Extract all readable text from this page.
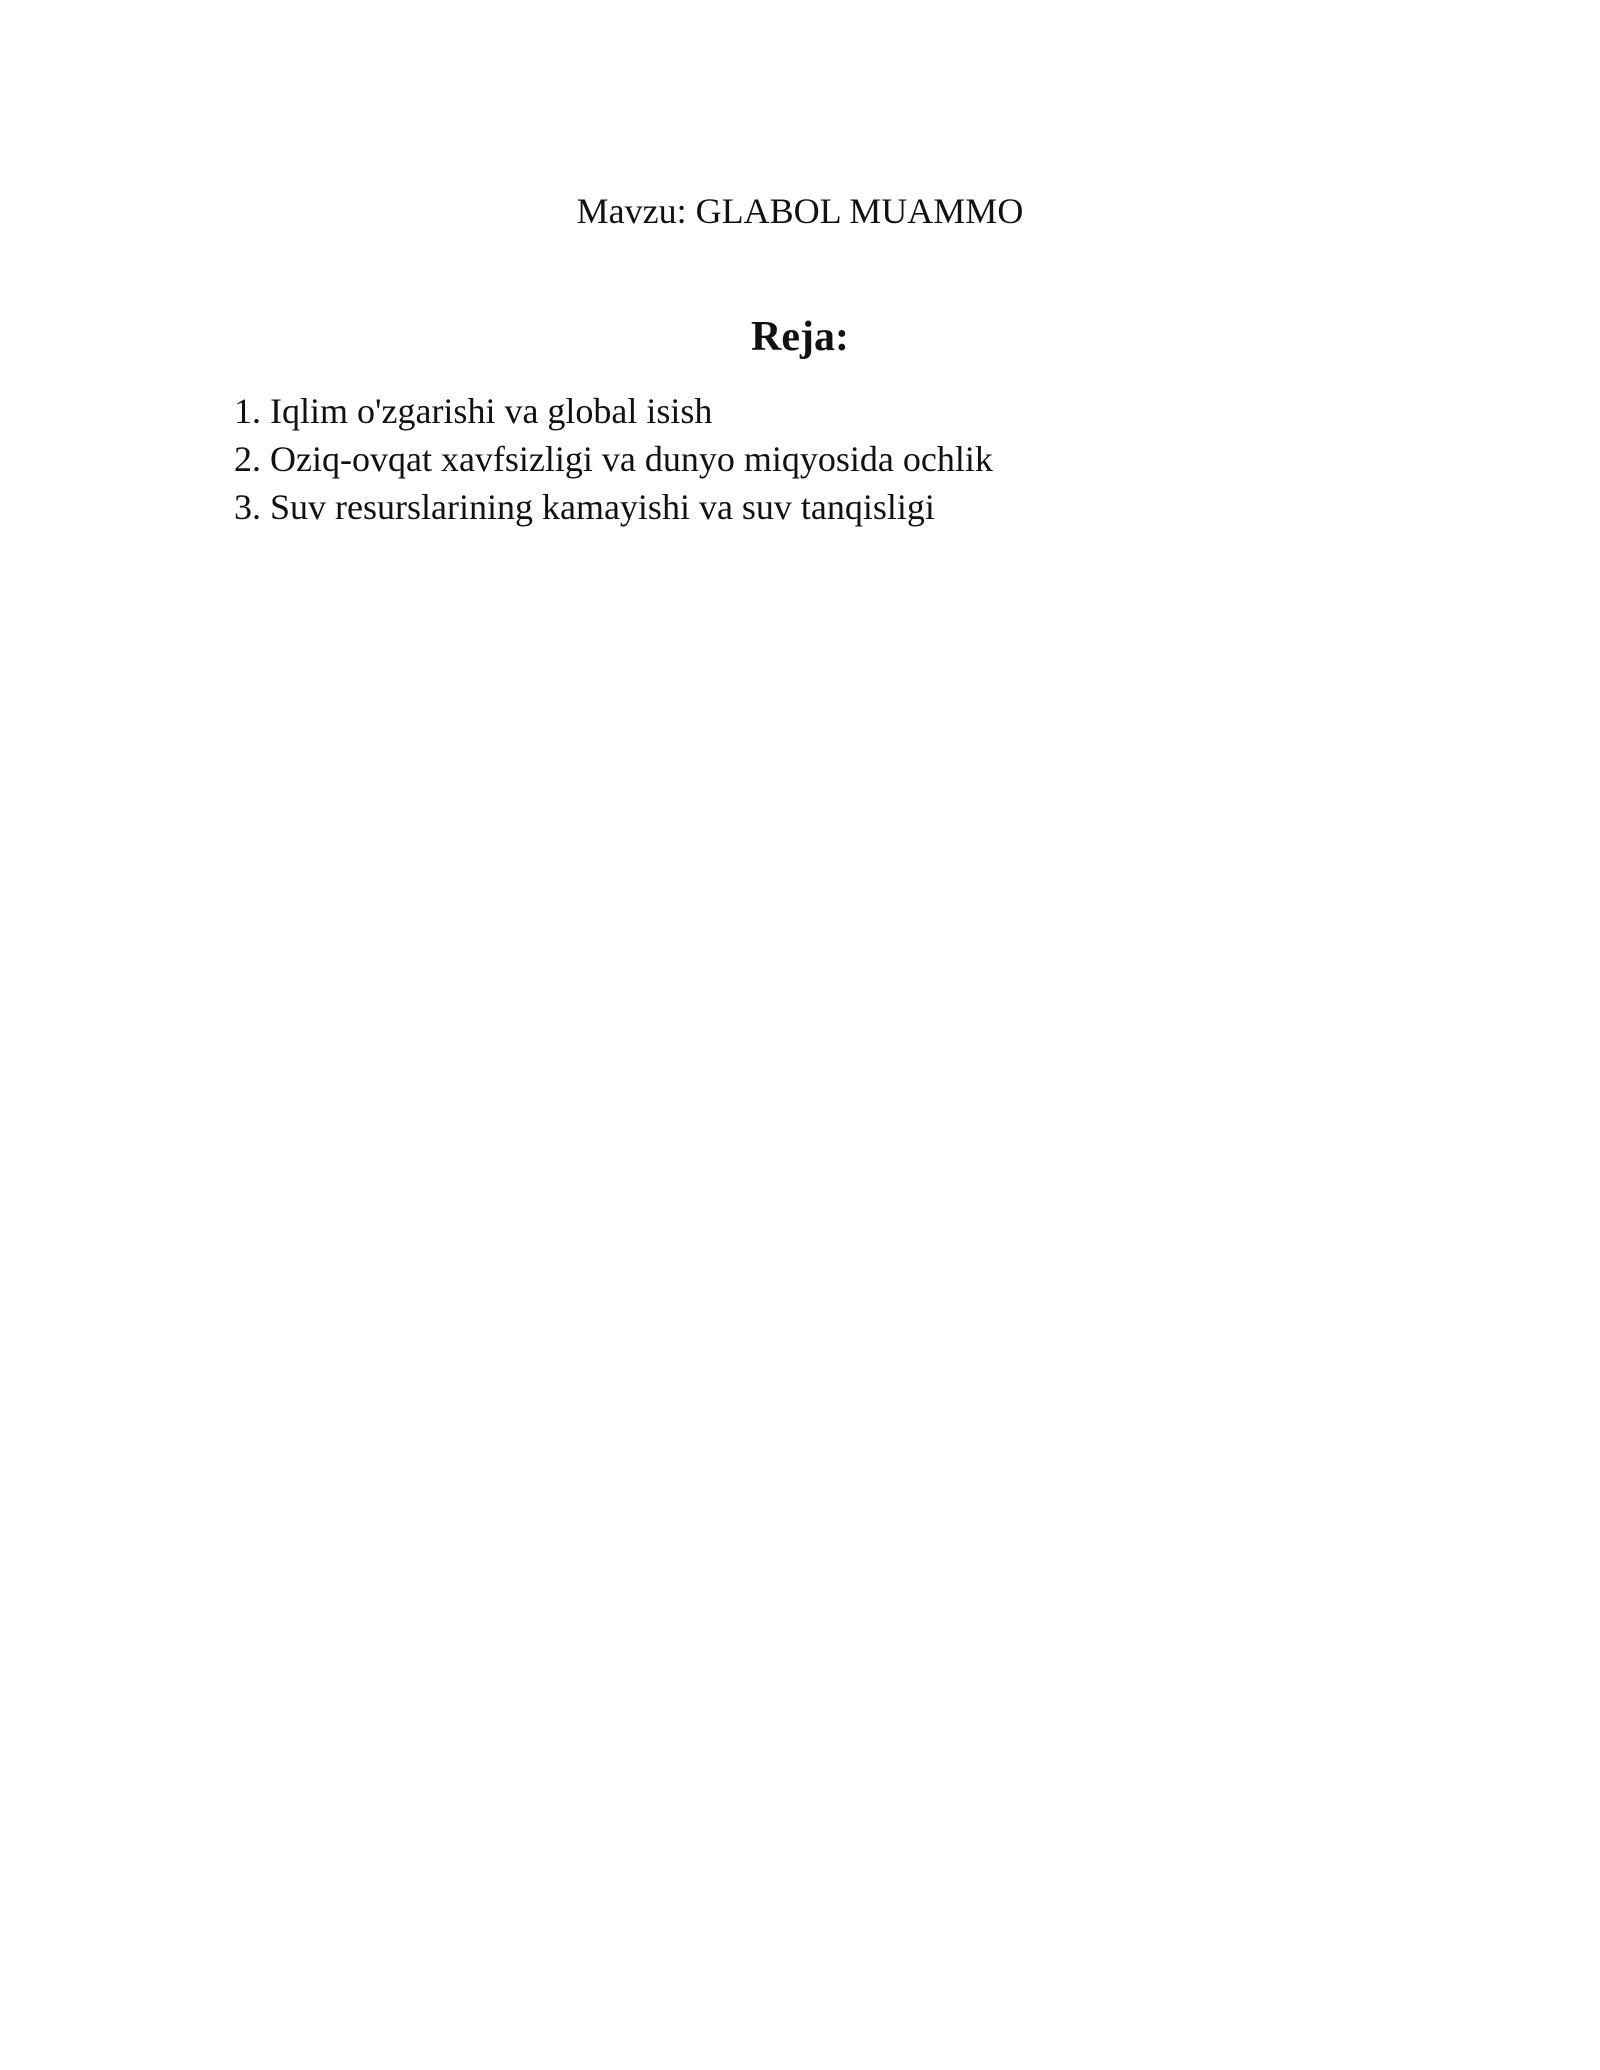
Mavzu: GLABOL MUAMMO
Reja:
1. Iqlim o'zgarishi va global isish
2. Oziq-ovqat xavfsizligi va dunyo miqyosida ochlik
3. Suv resurslarining kamayishi va suv tanqisligi
